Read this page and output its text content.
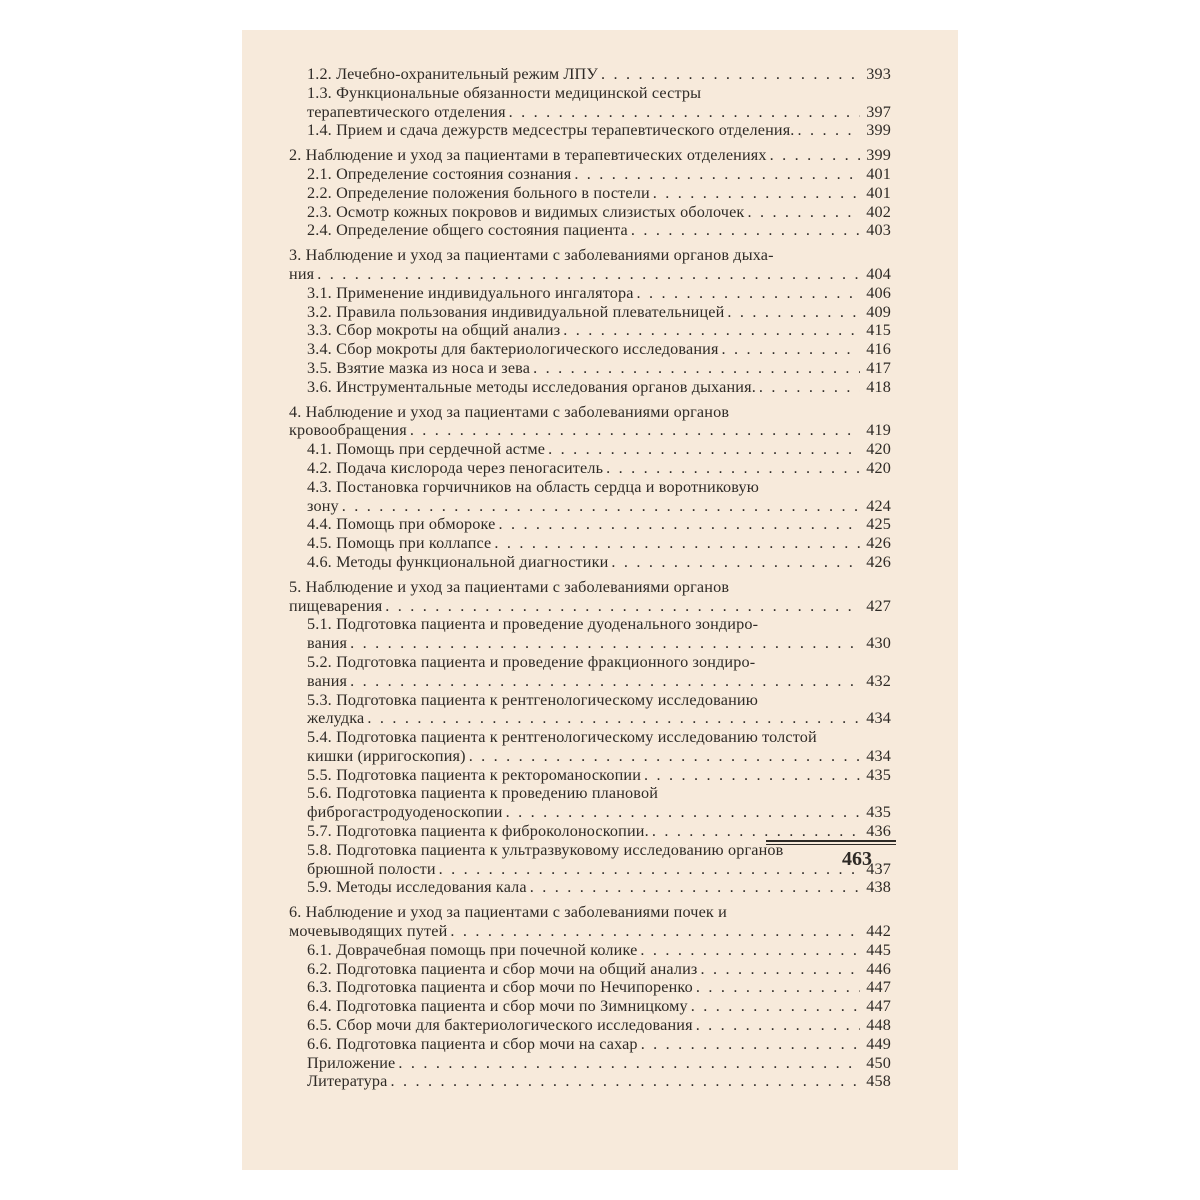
1.2. Лечебно-охранительный режим ЛПУ . . .	393
1.3. Функциональные обязанности медицинской сестры
терапевтического отделения . . .	397
1.4. Прием и сдача дежурств медсестры терапевтического отделения. . . .	399
2. Наблюдение и уход за пациентами в терапевтических отделениях . . .	399
2.1. Определение состояния сознания . . .	401
2.2. Определение положения больного в постели . . .	401
2.3. Осмотр кожных покровов и видимых слизистых оболочек . . .	402
2.4. Определение общего состояния пациента . . .	403
3. Наблюдение и уход за пациентами с заболеваниями органов дыха-
ния . . .	404
3.1. Применение индивидуального ингалятора . . .	406
3.2. Правила пользования индивидуальной плевательницей . . .	409
3.3. Сбор мокроты на общий анализ . . .	415
3.4. Сбор мокроты для бактериологического исследования . . .	416
3.5. Взятие мазка из носа и зева . . .	417
3.6. Инструментальные методы исследования органов дыхания. . . .	418
4. Наблюдение и уход за пациентами с заболеваниями органов
кровообращения . . .	419
4.1. Помощь при сердечной астме . . .	420
4.2. Подача кислорода через пеногаситель . . .	420
4.3. Постановка горчичников на область сердца и воротниковую
зону . . .	424
4.4. Помощь при обмороке . . .	425
4.5. Помощь при коллапсе . . .	426
4.6. Методы функциональной диагностики . . .	426
5. Наблюдение и уход за пациентами с заболеваниями органов
пищеварения . . .	427
5.1. Подготовка пациента и проведение дуоденального зондиро-
вания . . .	430
5.2. Подготовка пациента и проведение фракционного зондиро-
вания . . .	432
5.3. Подготовка пациента к рентгенологическому исследованию
желудка . . .	434
5.4. Подготовка пациента к рентгенологическому исследованию толстой
кишки (ирригоскопия) . . .	434
5.5. Подготовка пациента к ректороманоскопии . . .	435
5.6. Подготовка пациента к проведению плановой
фиброгастродуоденоскопии . . .	435
5.7. Подготовка пациента к фиброколоноскопии. . . .	436
5.8. Подготовка пациента к ультразвуковому исследованию органов
брюшной полости . . .	437
5.9. Методы исследования кала . . .	438
6. Наблюдение и уход за пациентами с заболеваниями почек и
мочевыводящих путей . . .	442
6.1. Доврачебная помощь при почечной колике . . .	445
6.2. Подготовка пациента и сбор мочи на общий анализ . . .	446
6.3. Подготовка пациента и сбор мочи по Нечипоренко . . .	447
6.4. Подготовка пациента и сбор мочи по Зимницкому . . .	447
6.5. Сбор мочи для бактериологического исследования . . .	448
6.6. Подготовка пациента и сбор мочи на сахар . . .	449
Приложение . . .	450
Литература . . .	458
463
